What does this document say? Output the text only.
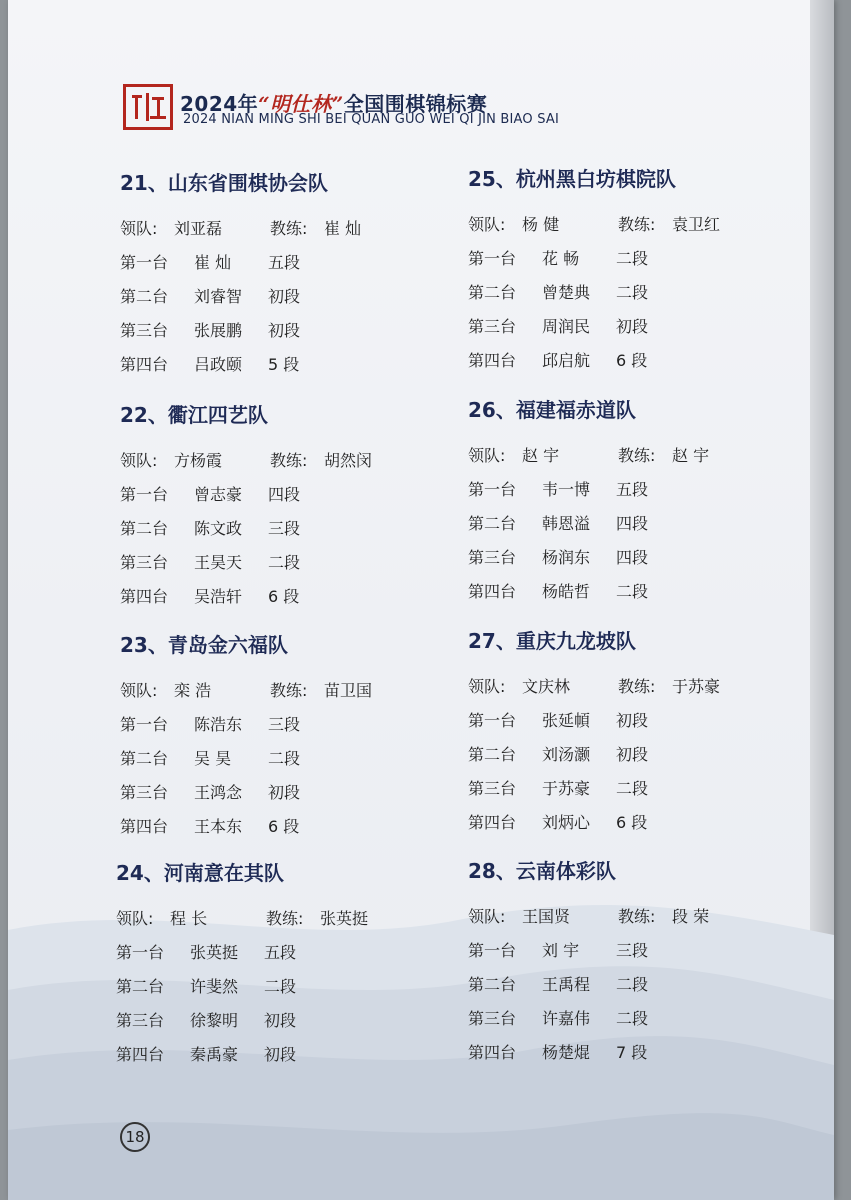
2024年“明仕林”全国围棋锦标赛
2024 NIAN MING SHI BEI QUAN GUO WEI QI JIN BIAO SAI
21、山东省围棋协会队
领队: 刘亚磊	教练: 崔 灿
第一台 崔 灿 五段
第二台 刘睿智 初段
第三台 张展鹏 初段
第四台 吕政颐 5 段
22、衢江四艺队
领队: 方杨霞	教练: 胡然闵
第一台 曾志豪 四段
第二台 陈文政 三段
第三台 王昊天 二段
第四台 吴浩轩 6 段
23、青岛金六福队
领队: 栾 浩	教练: 苗卫国
第一台 陈浩东 三段
第二台 吴 昊 二段
第三台 王鸿念 初段
第四台 王本东 6 段
24、河南意在其队
领队: 程 长	教练: 张英挺
第一台 张英挺 五段
第二台 许斐然 二段
第三台 徐黎明 初段
第四台 秦禹豪 初段
25、杭州黑白坊棋院队
领队: 杨 健	教练: 袁卫红
第一台 花 畅 二段
第二台 曾楚典 二段
第三台 周润民 初段
第四台 邱启航 6 段
26、福建福赤道队
领队: 赵 宇	教练: 赵 宇
第一台 韦一博 五段
第二台 韩恩溢 四段
第三台 杨润东 四段
第四台 杨皓哲 二段
27、重庆九龙坡队
领队: 文庆林	教练: 于苏豪
第一台 张延幁 初段
第二台 刘汤灏 初段
第三台 于苏豪 二段
第四台 刘炳心 6 段
28、云南体彩队
领队: 王国贤	教练: 段 荣
第一台 刘 宇 三段
第二台 王禹程 二段
第三台 许嘉伟 二段
第四台 杨楚焜 7 段
18
